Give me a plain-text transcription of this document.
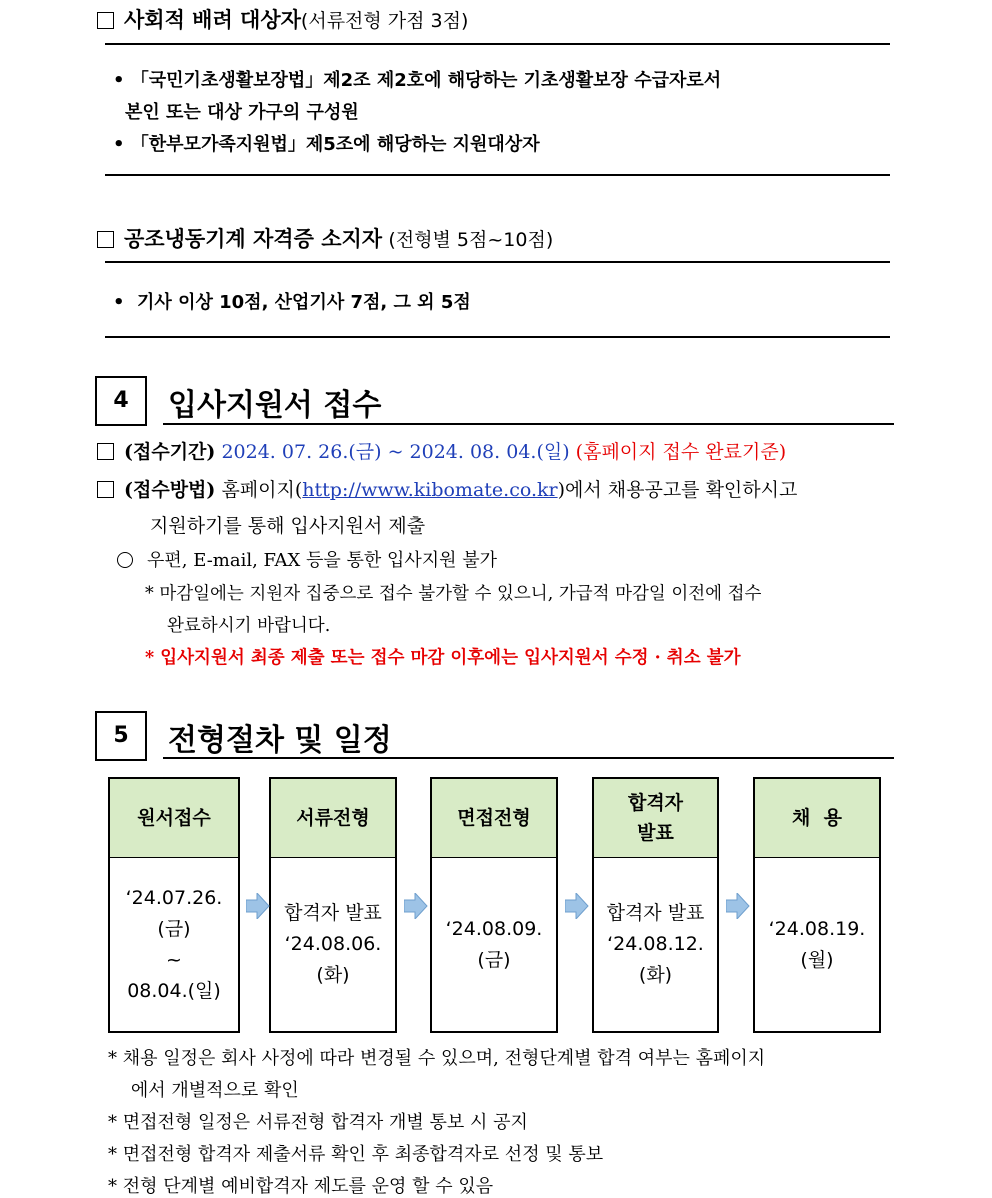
사회적 배려 대상자(서류전형 가점 3점)
• 「국민기초생활보장법」제2조 제2호에 해당하는 기초생활보장 수급자로서
본인 또는 대상 가구의 구성원
• 「한부모가족지원법」제5조에 해당하는 지원대상자
공조냉동기계 자격증 소지자 (전형별 5점~10점)
•  기사 이상 10점, 산업기사 7점, 그 외 5점
4	입사지원서 접수
(접수기간) 2024. 07. 26.(금) ~ 2024. 08. 04.(일) (홈페이지 접수 완료기준)
(접수방법) 홈페이지(http://www.kibomate.co.kr)에서 채용공고를 확인하시고
지원하기를 통해 입사지원서 제출
우편, E-mail, FAX 등을 통한 입사지원 불가
* 마감일에는 지원자 집중으로 접수 불가할 수 있으니, 가급적 마감일 이전에 접수
완료하시기 바랍니다.
* 입사지원서 최종 제출 또는 접수 마감 이후에는 입사지원서 수정 · 취소 불가
5	전형절차 및 일정
원서접수
‘24.07.26.(금)
~
08.04.(일)
서류전형
합격자 발표
‘24.08.06.(화)
면접전형
‘24.08.09.(금)
합격자
발표
합격자 발표
‘24.08.12.(화)
채  용
‘24.08.19.(월)
* 채용 일정은 회사 사정에 따라 변경될 수 있으며, 전형단계별 합격 여부는 홈페이지
에서 개별적으로 확인
* 면접전형 일정은 서류전형 합격자 개별 통보 시 공지
* 면접전형 합격자 제출서류 확인 후 최종합격자로 선정 및 통보
* 전형 단계별 예비합격자 제도를 운영 할 수 있음
